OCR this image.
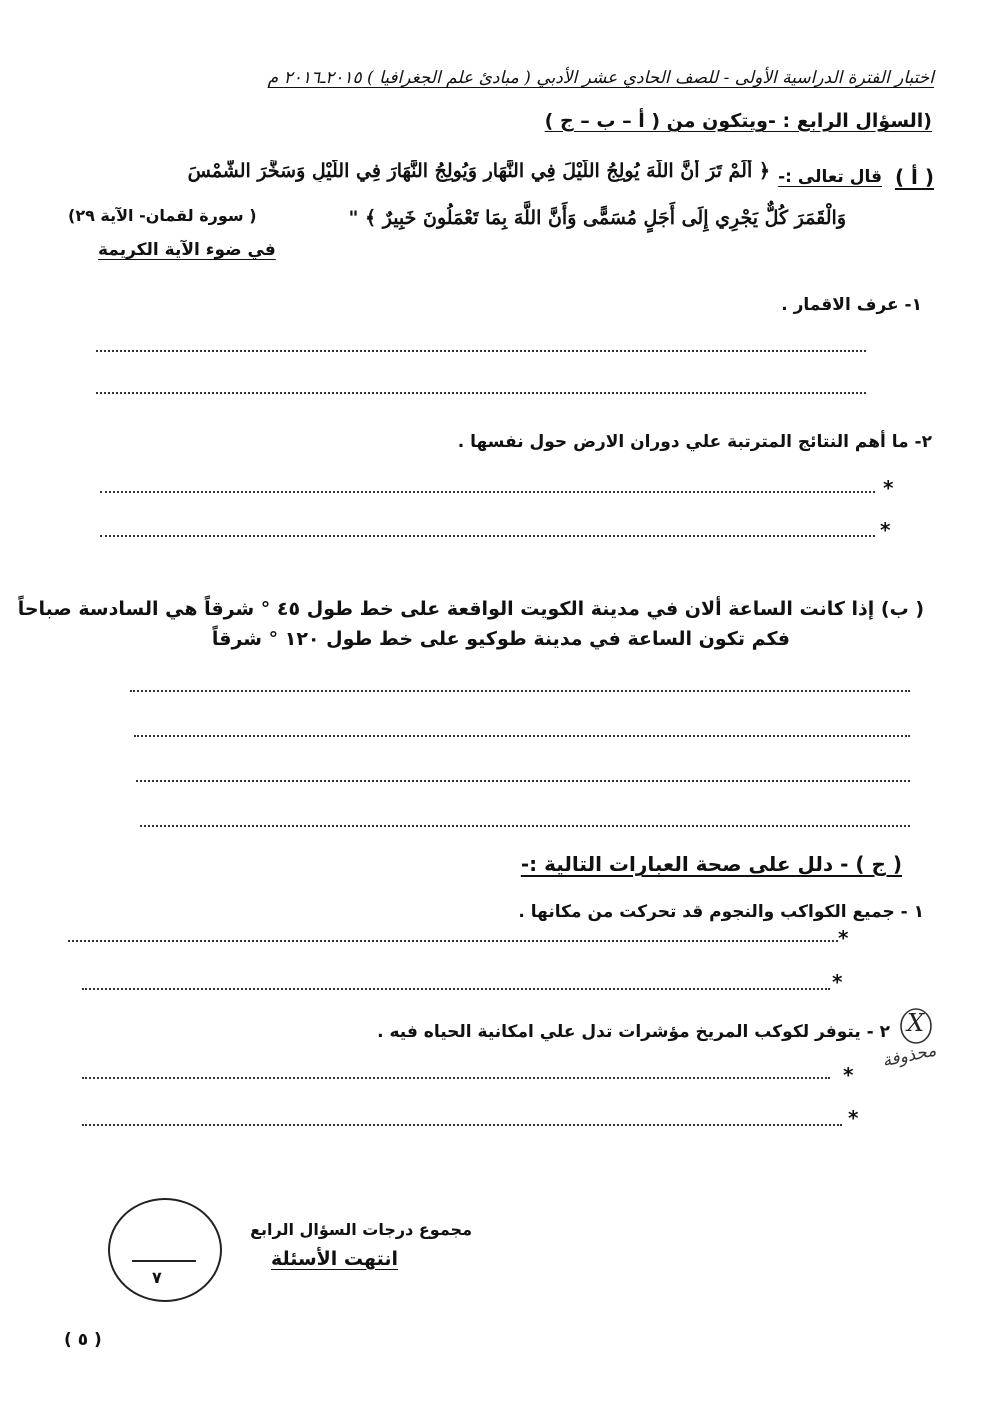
اختبار الفترة الدراسية الأولى - للصف الحادي عشر الأدبي ( مبادئ علم الجغرافيا ) ٢٠١٥ـ٢٠١٦ م
(السؤال الرابع : -ويتكون من ( أ – ب – ج )
( أ )
قال تعالى :-
﴿ أَلَمْ تَرَ أَنَّ اللَّهَ يُولِجُ اللَّيْلَ فِي النَّهَارِ وَيُولِجُ النَّهَارَ فِي اللَّيْلِ وَسَخَّرَ الشَّمْسَ
وَالْقَمَرَ كُلٌّ يَجْرِي إِلَى أَجَلٍ مُسَمًّى وَأَنَّ اللَّهَ بِمَا تَعْمَلُونَ خَبِيرٌ ﴾ "
( سورة لقمان- الآية ٢٩)
في ضوء الآية الكريمة
١- عرف الاقمار .
٢- ما أهم النتائج المترتبة علي دوران الارض حول نفسها .
*
*
( ب) إذا كانت الساعة ألان في مدينة الكويت الواقعة على خط طول ٤٥ ° شرقاً هي السادسة صباحاً
فكم تكون الساعة في مدينة طوكيو على خط طول ١٢٠ ° شرقاً
( ج ) - دلل على صحة العبارات التالية :-
١ - جميع الكواكب والنجوم قد تحركت من مكانها .
*
*
X
محذوفة
٢ - يتوفر لكوكب المريخ مؤشرات تدل علي امكانية الحياه فيه .
*
*
٧
مجموع درجات السؤال الرابع
انتهت الأسئلة
( ٥ )
